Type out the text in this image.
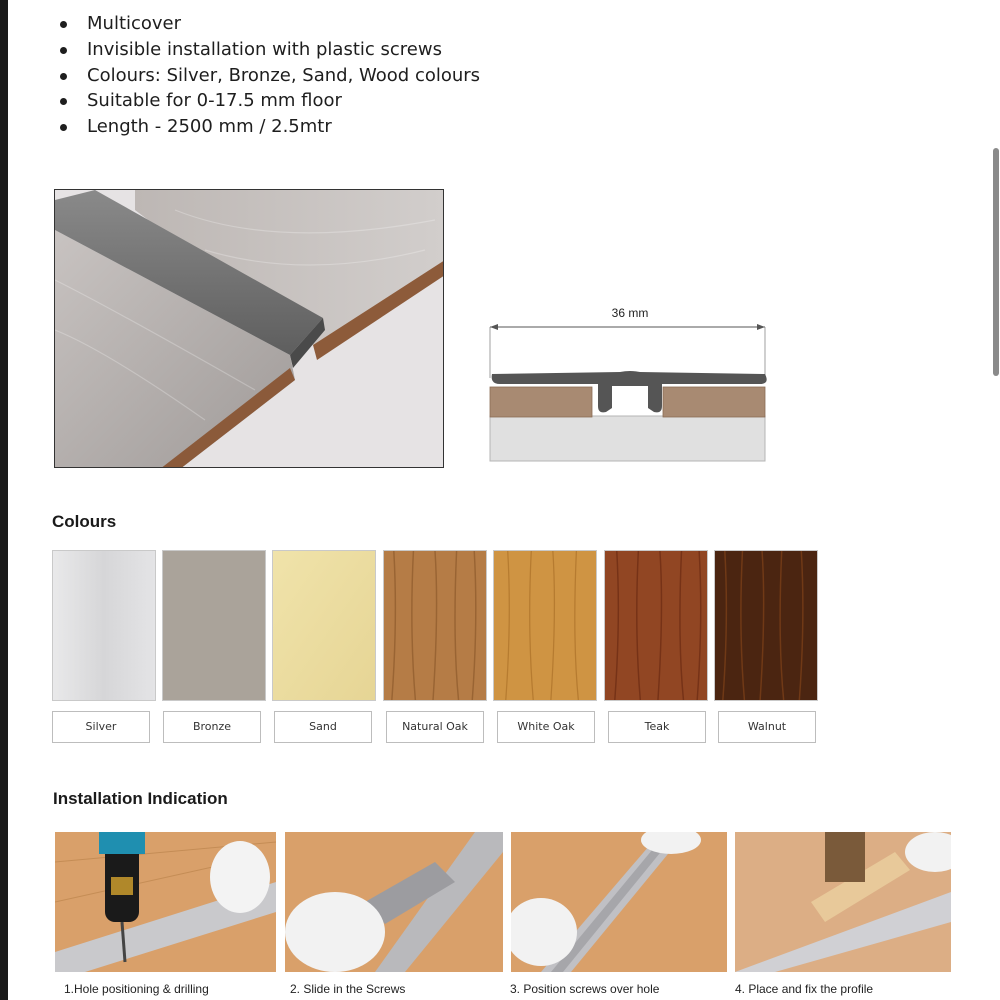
Multicover
Invisible installation with plastic screws
Colours: Silver, Bronze, Sand, Wood colours
Suitable for 0-17.5 mm floor
Length - 2500 mm / 2.5mtr
36 mm
Colours
Silver	Bronze	Sand	Natural Oak	White Oak	Teak	Walnut
Installation Indication
1.Hole positioning & drilling	2. Slide in the Screws	3. Position screws over hole	4. Place and fix the profile
